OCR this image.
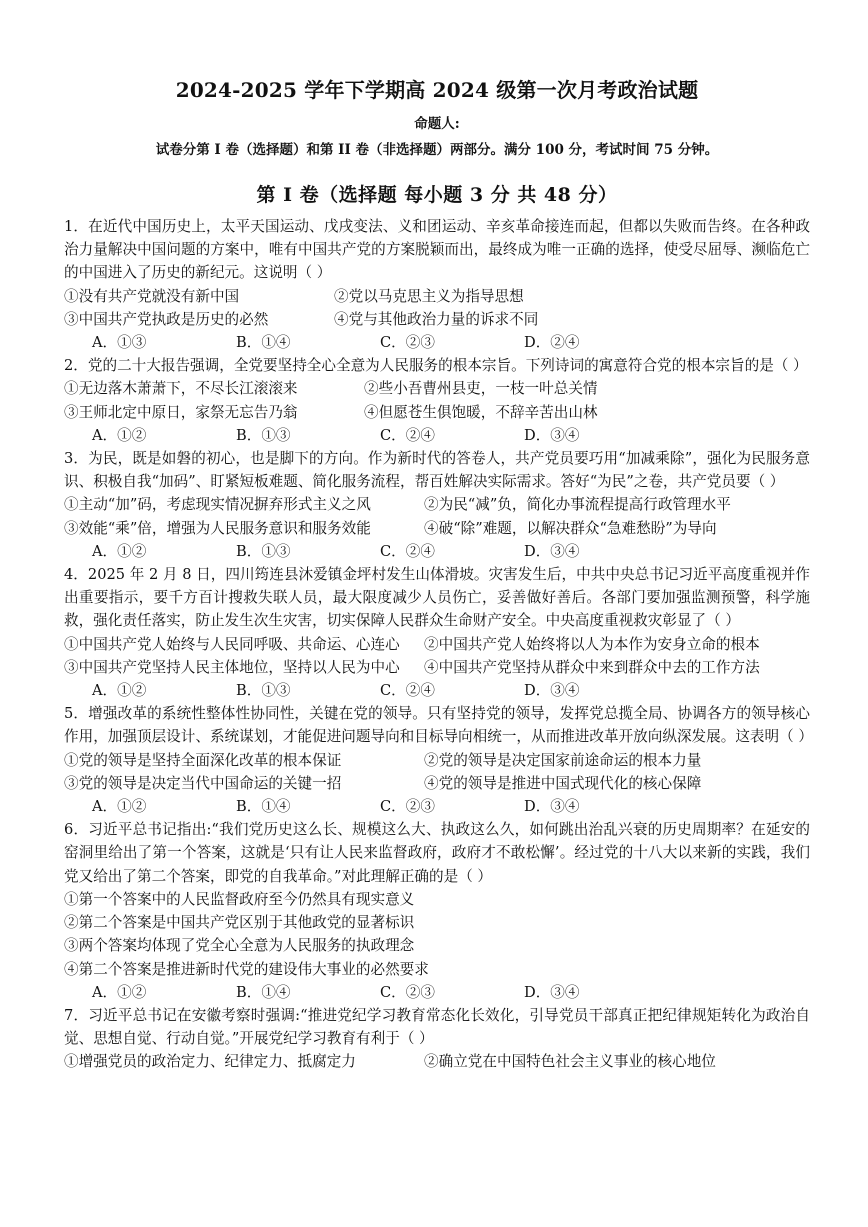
2024-2025 学年下学期高 2024 级第一次月考政治试题
命题人:
试卷分第 I 卷（选择题）和第 II 卷（非选择题）两部分。满分 100 分，考试时间 75 分钟。
第 I 卷（选择题 每小题 3 分 共 48 分）

1．在近代中国历史上，太平天国运动、戊戌变法、义和团运动、辛亥革命接连而起，但都以失败而告终。在各种政治力量解决中国问题的方案中，唯有中国共产党的方案脱颖而出，最终成为唯一正确的选择，使受尽屈辱、濒临危亡的中国进入了历史的新纪元。这说明（ ）

①没有共产党就没有新中国	②党以马克思主义为指导思想
③中国共产党执政是历史的必然	④党与其他政治力量的诉求不同
A．①③	B．①④	C．②③	D．②④

2．党的二十大报告强调，全党要坚持全心全意为人民服务的根本宗旨。下列诗词的寓意符合党的根本宗旨的是（ ）

①无边落木萧萧下，不尽长江滚滚来	②些小吾曹州县吏，一枝一叶总关情
③王师北定中原日，家祭无忘告乃翁	④但愿苍生俱饱暖，不辞辛苦出山林
A．①②	B．①③	C．②④	D．③④

3．为民，既是如磐的初心，也是脚下的方向。作为新时代的答卷人，共产党员要巧用“加减乘除”，强化为民服务意识、积极自我“加码”、盯紧短板难题、简化服务流程，帮百姓解决实际需求。答好“为民”之卷，共产党员要（ ）

①主动“加”码，考虑现实情况摒弃形式主义之风	②为民“减”负，简化办事流程提高行政管理水平
③效能“乘”倍，增强为人民服务意识和服务效能	④破“除”难题，以解决群众“急难愁盼”为导向
A．①②	B．①③	C．②④	D．③④

4．2025 年 2 月 8 日，四川筠连县沐爱镇金坪村发生山体滑坡。灾害发生后，中共中央总书记习近平高度重视并作出重要指示，要千方百计搜救失联人员，最大限度减少人员伤亡，妥善做好善后。各部门要加强监测预警，科学施救，强化责任落实，防止发生次生灾害，切实保障人民群众生命财产安全。中央高度重视救灾彰显了（ ）

①中国共产党人始终与人民同呼吸、共命运、心连心	②中国共产党人始终将以人为本作为安身立命的根本
③中国共产党坚持人民主体地位，坚持以人民为中心	④中国共产党坚持从群众中来到群众中去的工作方法
A．①②	B．①③	C．②④	D．③④

5．增强改革的系统性整体性协同性，关键在党的领导。只有坚持党的领导，发挥党总揽全局、协调各方的领导核心作用，加强顶层设计、系统谋划，才能促进问题导向和目标导向相统一，从而推进改革开放向纵深发展。这表明（ ）

①党的领导是坚持全面深化改革的根本保证	②党的领导是决定国家前途命运的根本力量
③党的领导是决定当代中国命运的关键一招	④党的领导是推进中国式现代化的核心保障
A．①②	B．①④	C．②③	D．③④

6．习近平总书记指出:“我们党历史这么长、规模这么大、执政这么久，如何跳出治乱兴衰的历史周期率？在延安的窑洞里给出了第一个答案，这就是‘只有让人民来监督政府，政府才不敢松懈’。经过党的十八大以来新的实践，我们党又给出了第二个答案，即党的自我革命。”对此理解正确的是（ ）

①第一个答案中的人民监督政府至今仍然具有现实意义
②第二个答案是中国共产党区别于其他政党的显著标识
③两个答案均体现了党全心全意为人民服务的执政理念
④第二个答案是推进新时代党的建设伟大事业的必然要求
A．①②	B．①④	C．②③	D．③④

7．习近平总书记在安徽考察时强调:“推进党纪学习教育常态化长效化，引导党员干部真正把纪律规矩转化为政治自觉、思想自觉、行动自觉。”开展党纪学习教育有利于（ ）

①增强党员的政治定力、纪律定力、抵腐定力	②确立党在中国特色社会主义事业的核心地位
